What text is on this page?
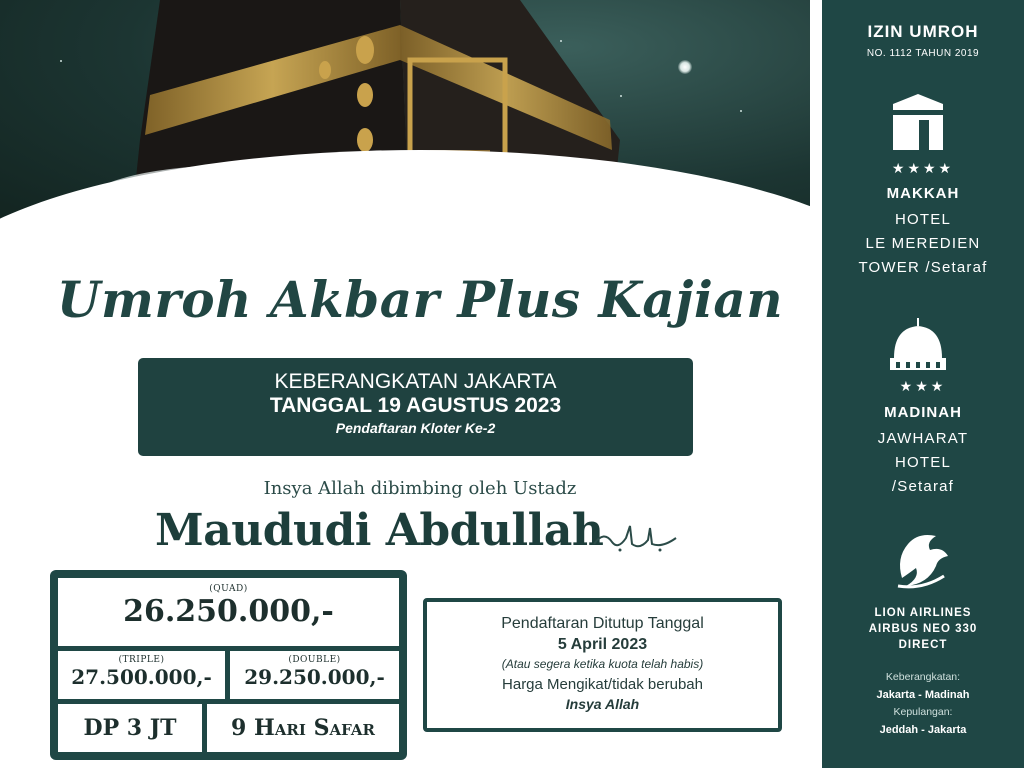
IZIN UMROH
NO. 1112 TAHUN 2019
★★★★
MAKKAH
HOTEL
LE MEREDIEN
TOWER /Setaraf
★★★
MADINAH
JAWHARAT
HOTEL
/Setaraf
LION AIRLINES
AIRBUS NEO 330
DIRECT
Keberangkatan:
Jakarta - Madinah
Kepulangan:
Jeddah - Jakarta
Umroh Akbar Plus Kajian
KEBERANGKATAN JAKARTA
TANGGAL 19 AGUSTUS 2023
Pendaftaran Kloter Ke-2
Insya Allah dibimbing oleh Ustadz
Maududi Abdullah
(QUAD)
26.250.000,-
(TRIPLE)
27.500.000,-
(DOUBLE)
29.250.000,-
DP 3 JT	9 Hari Safar
Pendaftaran Ditutup Tanggal
5 April 2023
(Atau segera ketika kuota telah habis)
Harga Mengikat/tidak berubah
Insya Allah
